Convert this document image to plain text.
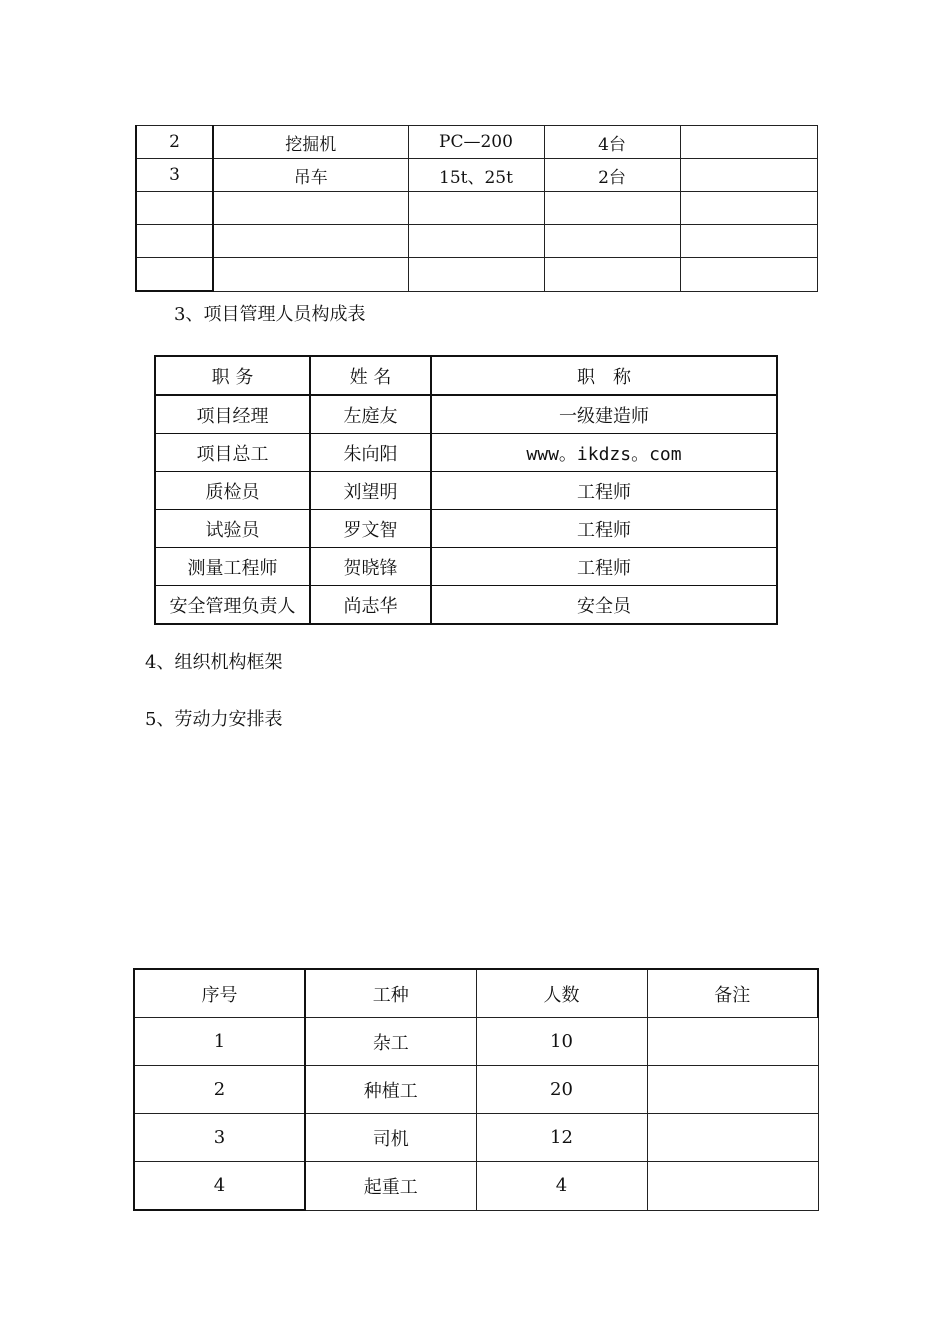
2	挖掘机	PC—200	4台	
3	吊车	15t、25t	2台	

3、项目管理人员构成表
职 务	姓 名	职　称
项目经理	左庭友	一级建造师
项目总工	朱向阳	www。ikdzs。com
质检员	刘望明	工程师
试验员	罗文智	工程师
测量工程师	贺晓锋	工程师
安全管理负责人	尚志华	安全员
4、组织机构框架
5、劳动力安排表
序号	工种	人数	备注
1	杂工	10	
2	种植工	20	
3	司机	12	
4	起重工	4	
